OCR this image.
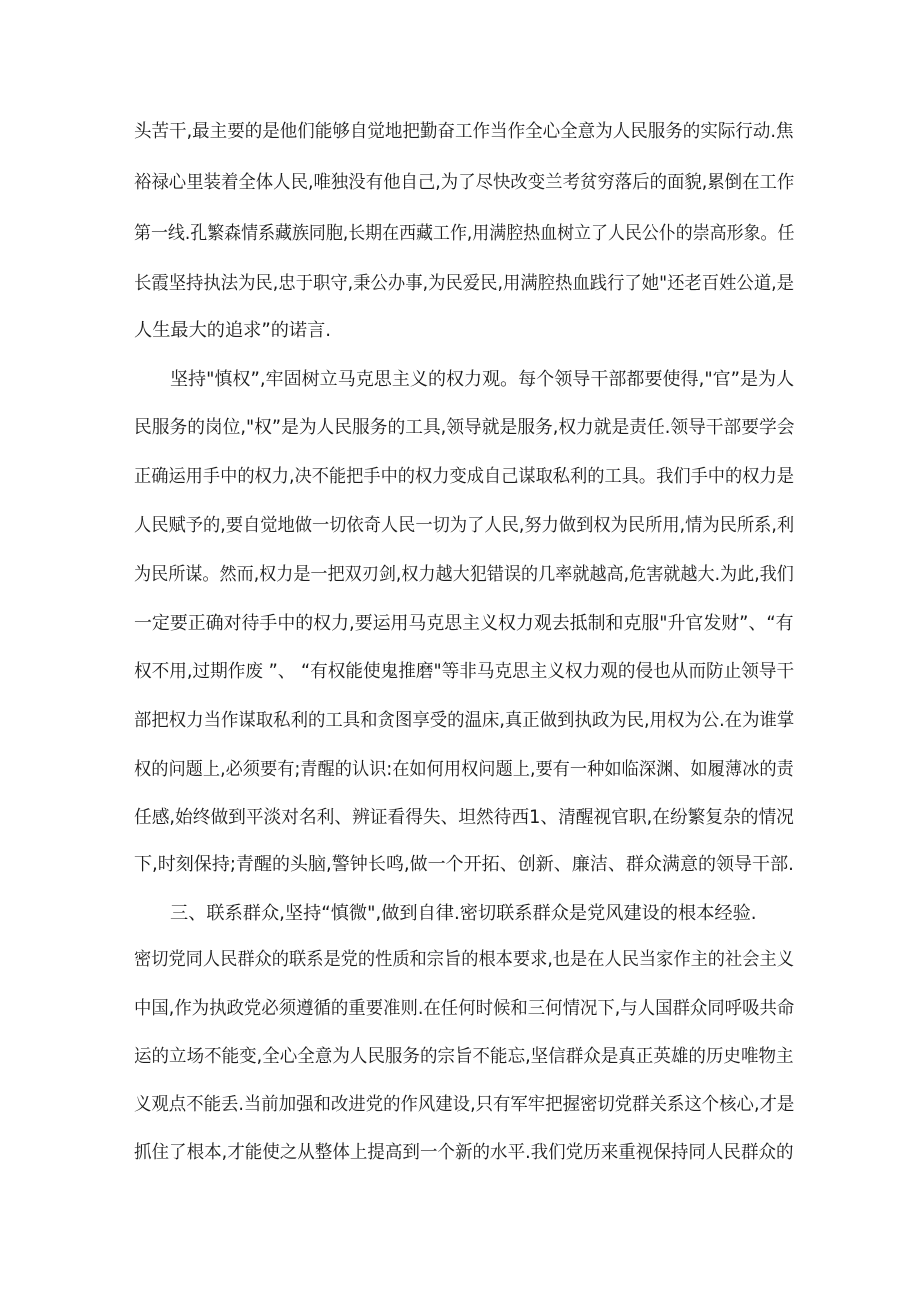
头苦干,最主要的是他们能够自觉地把勤奋工作当作全心全意为人民服务的实际行动.焦
裕禄心里装着全体人民,唯独没有他自己,为了尽快改变兰考贫穷落后的面貌,累倒在工作
第一线.孔繁森情系藏族同胞,长期在西藏工作,用满腔热血树立了人民公仆的崇高形象。任
长霞坚持执法为民,忠于职守,秉公办事,为民爱民,用满腔热血践行了她"还老百姓公道,是
人生最大的追求”的诺言.
坚持"慎权”,牢固树立马克思主义的权力观。每个领导干部都要使得,"官”是为人
民服务的岗位,"权”是为人民服务的工具,领导就是服务,权力就是责任.领导干部要学会
正确运用手中的权力,决不能把手中的权力变成自己谋取私利的工具。我们手中的权力是
人民赋予的,要自觉地做一切依奇人民一切为了人民,努力做到权为民所用,情为民所系,利
为民所谋。然而,权力是一把双刃剑,权力越大犯错误的几率就越高,危害就越大.为此,我们
一定要正确对待手中的权力,要运用马克思主义权力观去抵制和克服"升官发财”、“有
权不用,过期作废 ”、 “有权能使鬼推磨"等非马克思主义权力观的侵也从而防止领导干
部把权力当作谋取私利的工具和贪图享受的温床,真正做到执政为民,用权为公.在为谁掌
权的问题上,必须要有;青醒的认识:在如何用权问题上,要有一种如临深渊、如履薄冰的责
任感,始终做到平淡对名利、辨证看得失、坦然待西1、清醒视官职,在纷繁复杂的情况
下,时刻保持;青醒的头脑,警钟长鸣,做一个开拓、创新、廉洁、群众满意的领导干部.
三、联系群众,坚持“慎微",做到自律.密切联系群众是党风建设的根本经验.
密切党同人民群众的联系是党的性质和宗旨的根本要求,也是在人民当家作主的社会主义
中国,作为执政党必须遵循的重要准则.在任何时候和三何情况下,与人国群众同呼吸共命
运的立场不能变,全心全意为人民服务的宗旨不能忘,坚信群众是真正英雄的历史唯物主
义观点不能丢.当前加强和改进党的作风建设,只有军牢把握密切党群关系这个核心,才是
抓住了根本,才能使之从整体上提高到一个新的水平.我们党历来重视保持同人民群众的
